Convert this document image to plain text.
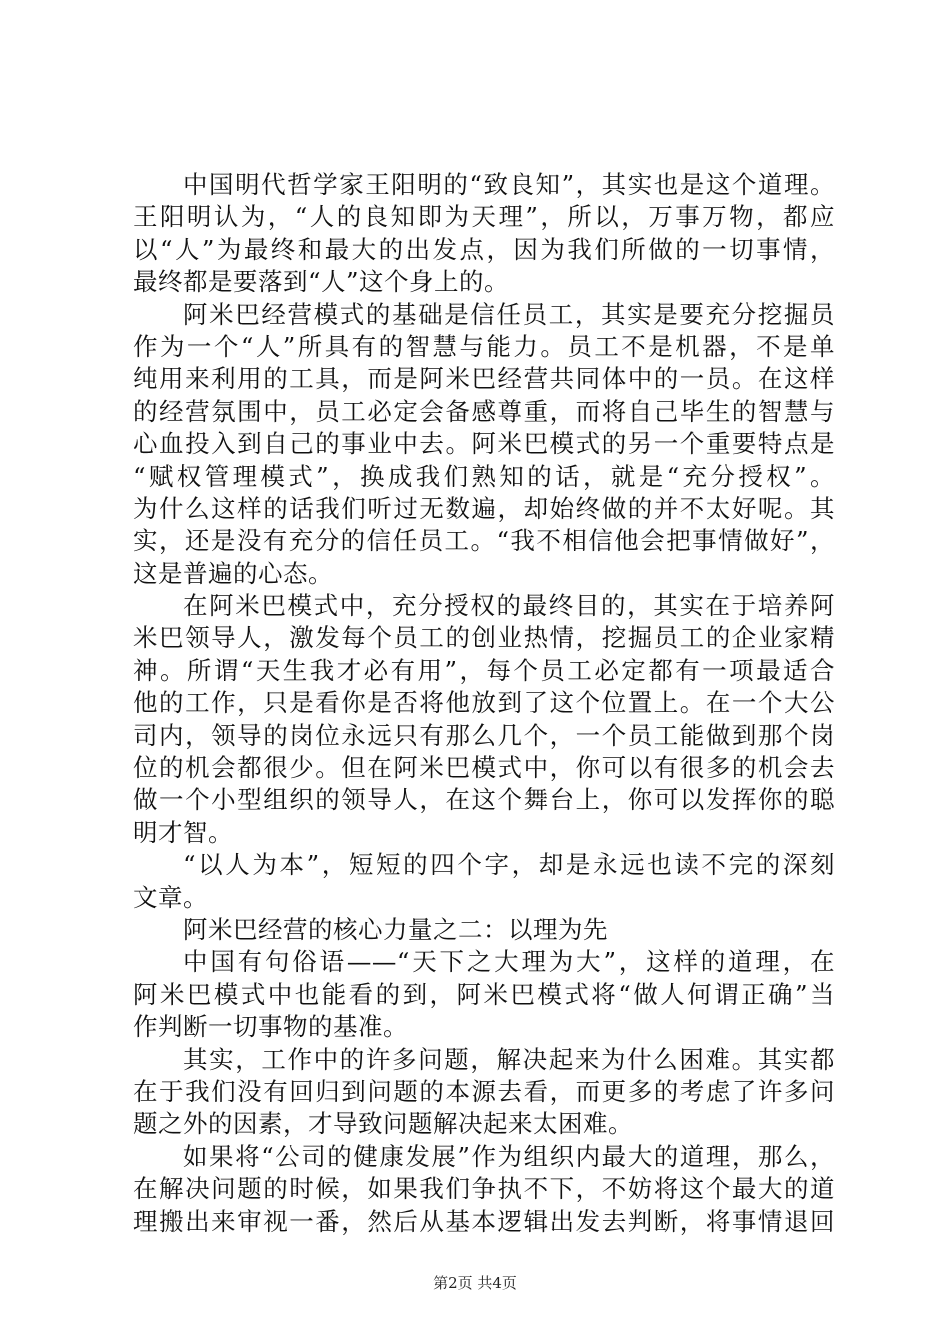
中国明代哲学家王阳明的“致良知”，其实也是这个道理。
王阳明认为，“人的良知即为天理”，所以，万事万物，都应
以“人”为最终和最大的出发点，因为我们所做的一切事情，
最终都是要落到“人”这个身上的。
阿米巴经营模式的基础是信任员工，其实是要充分挖掘员
作为一个“人”所具有的智慧与能力。员工不是机器，不是单
纯用来利用的工具，而是阿米巴经营共同体中的一员。在这样
的经营氛围中，员工必定会备感尊重，而将自己毕生的智慧与
心血投入到自己的事业中去。阿米巴模式的另一个重要特点是
“赋权管理模式”，换成我们熟知的话，就是“充分授权”。
为什么这样的话我们听过无数遍，却始终做的并不太好呢。其
实，还是没有充分的信任员工。“我不相信他会把事情做好”，
这是普遍的心态。
在阿米巴模式中，充分授权的最终目的，其实在于培养阿
米巴领导人，激发每个员工的创业热情，挖掘员工的企业家精
神。所谓“天生我才必有用”，每个员工必定都有一项最适合
他的工作，只是看你是否将他放到了这个位置上。在一个大公
司内，领导的岗位永远只有那么几个，一个员工能做到那个岗
位的机会都很少。但在阿米巴模式中，你可以有很多的机会去
做一个小型组织的领导人，在这个舞台上，你可以发挥你的聪
明才智。
“以人为本”，短短的四个字，却是永远也读不完的深刻
文章。
阿米巴经营的核心力量之二：以理为先
中国有句俗语——“天下之大理为大”，这样的道理，在
阿米巴模式中也能看的到，阿米巴模式将“做人何谓正确”当
作判断一切事物的基准。
其实，工作中的许多问题，解决起来为什么困难。其实都
在于我们没有回归到问题的本源去看，而更多的考虑了许多问
题之外的因素，才导致问题解决起来太困难。
如果将“公司的健康发展”作为组织内最大的道理，那么，
在解决问题的时候，如果我们争执不下，不妨将这个最大的道
理搬出来审视一番，然后从基本逻辑出发去判断，将事情退回
第2页 共4页
